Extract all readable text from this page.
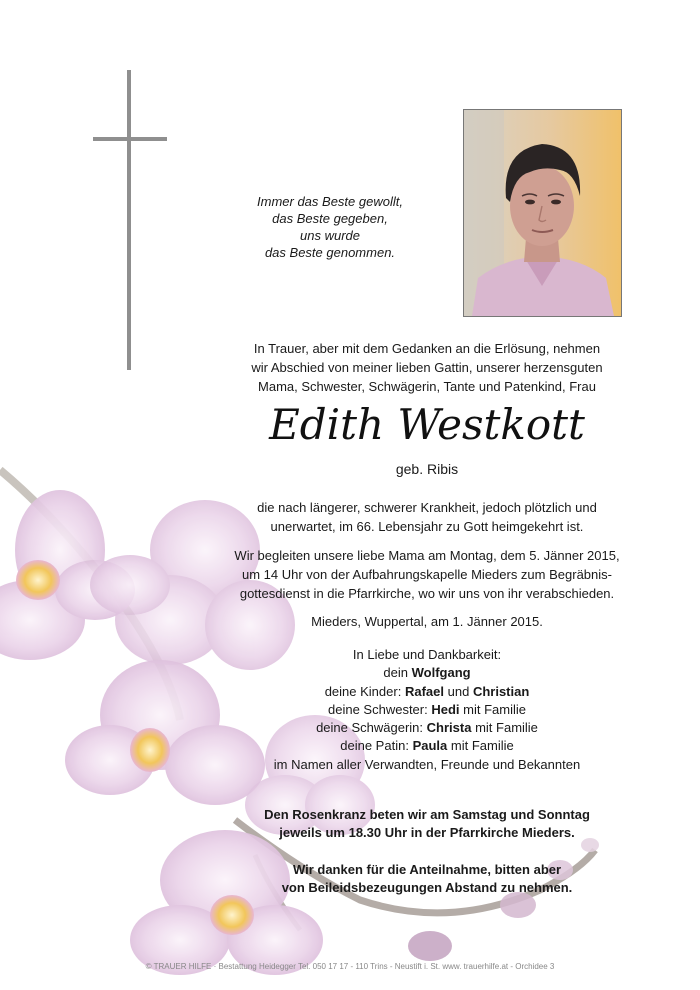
Immer das Beste gewollt,
das Beste gegeben,
uns wurde
das Beste genommen.
In Trauer, aber mit dem Gedanken an die Erlösung, nehmen
wir Abschied von meiner lieben Gattin, unserer herzensguten
Mama, Schwester, Schwägerin, Tante und Patenkind, Frau
Edith Westkott
geb. Ribis
die nach längerer, schwerer Krankheit, jedoch plötzlich und
unerwartet, im 66. Lebensjahr zu Gott heimgekehrt ist.
Wir begleiten unsere liebe Mama am Montag, dem 5. Jänner 2015,
um 14 Uhr von der Aufbahrungskapelle Mieders zum Begräbnis-
gottesdienst in die Pfarrkirche, wo wir uns von ihr verabschieden.
Mieders, Wuppertal, am 1. Jänner 2015.
In Liebe und Dankbarkeit:
dein Wolfgang
deine Kinder: Rafael und Christian
deine Schwester: Hedi mit Familie
deine Schwägerin: Christa mit Familie
deine Patin: Paula mit Familie
im Namen aller Verwandten, Freunde und Bekannten
Den Rosenkranz beten wir am Samstag und Sonntag
jeweils um 18.30 Uhr in der Pfarrkirche Mieders.
Wir danken für die Anteilnahme, bitten aber
von Beileidsbezeugungen Abstand zu nehmen.
© TRAUER HILFE · Bestattung Heidegger Tel. 050 17 17 - 110 Trins - Neustift i. St. www. trauerhilfe.at - Orchidee 3
